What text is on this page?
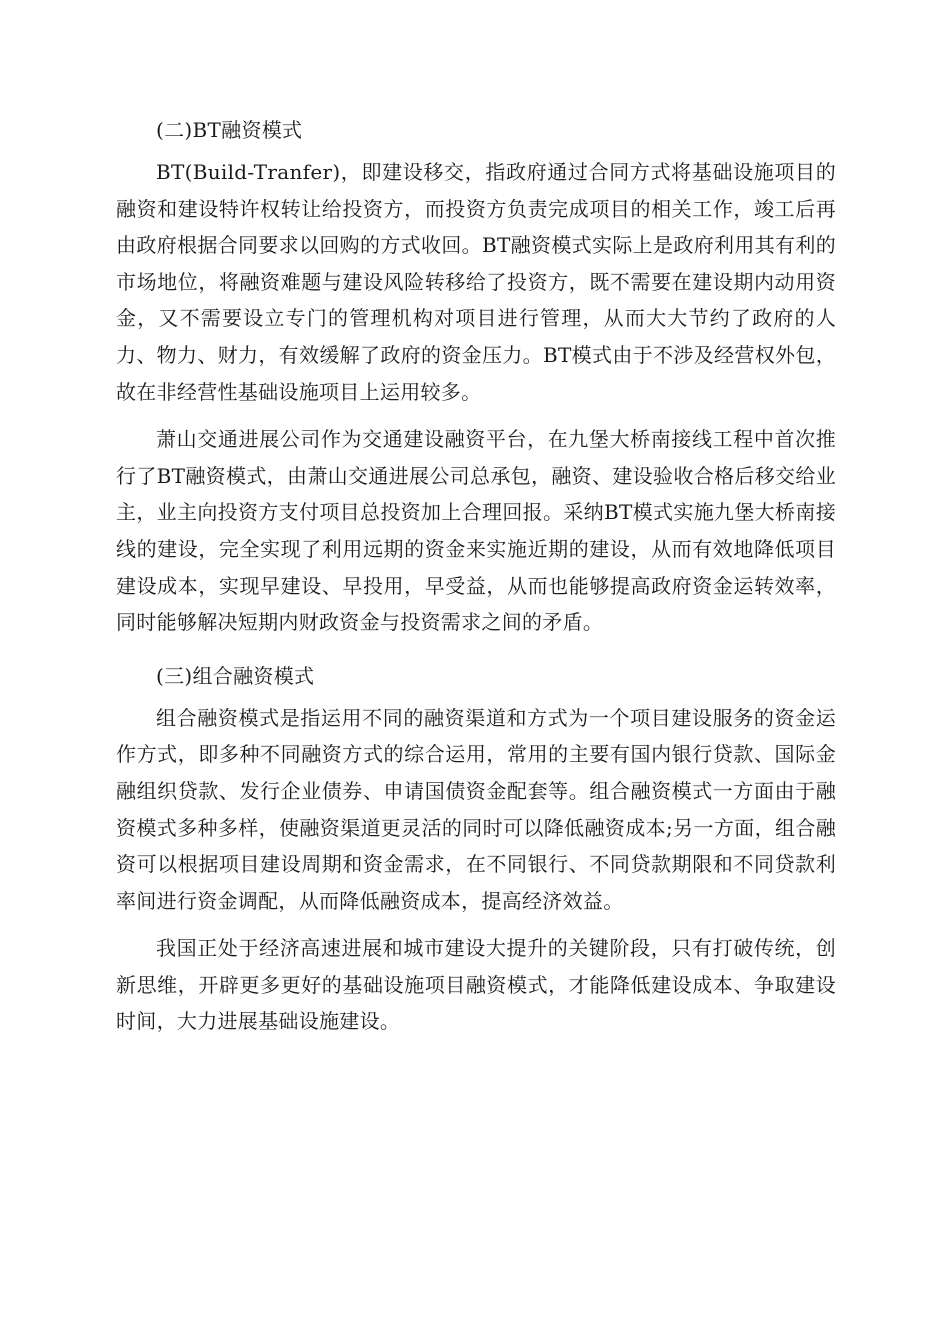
(二)BT融资模式

BT(Build-Tranfer)，即建设移交，指政府通过合同方式将基础设施项目的融资和建设特许权转让给投资方，而投资方负责完成项目的相关工作，竣工后再由政府根据合同要求以回购的方式收回。BT融资模式实际上是政府利用其有利的市场地位，将融资难题与建设风险转移给了投资方，既不需要在建设期内动用资金，又不需要设立专门的管理机构对项目进行管理，从而大大节约了政府的人力、物力、财力，有效缓解了政府的资金压力。BT模式由于不涉及经营权外包，故在非经营性基础设施项目上运用较多。

萧山交通进展公司作为交通建设融资平台，在九堡大桥南接线工程中首次推行了BT融资模式，由萧山交通进展公司总承包，融资、建设验收合格后移交给业主，业主向投资方支付项目总投资加上合理回报。采纳BT模式实施九堡大桥南接线的建设，完全实现了利用远期的资金来实施近期的建设，从而有效地降低项目建设成本，实现早建设、早投用，早受益，从而也能够提高政府资金运转效率，同时能够解决短期内财政资金与投资需求之间的矛盾。

(三)组合融资模式

组合融资模式是指运用不同的融资渠道和方式为一个项目建设服务的资金运作方式，即多种不同融资方式的综合运用，常用的主要有国内银行贷款、国际金融组织贷款、发行企业债券、申请国债资金配套等。组合融资模式一方面由于融资模式多种多样，使融资渠道更灵活的同时可以降低融资成本;另一方面，组合融资可以根据项目建设周期和资金需求，在不同银行、不同贷款期限和不同贷款利率间进行资金调配，从而降低融资成本，提高经济效益。

我国正处于经济高速进展和城市建设大提升的关键阶段，只有打破传统，创新思维，开辟更多更好的基础设施项目融资模式，才能降低建设成本、争取建设时间，大力进展基础设施建设。
